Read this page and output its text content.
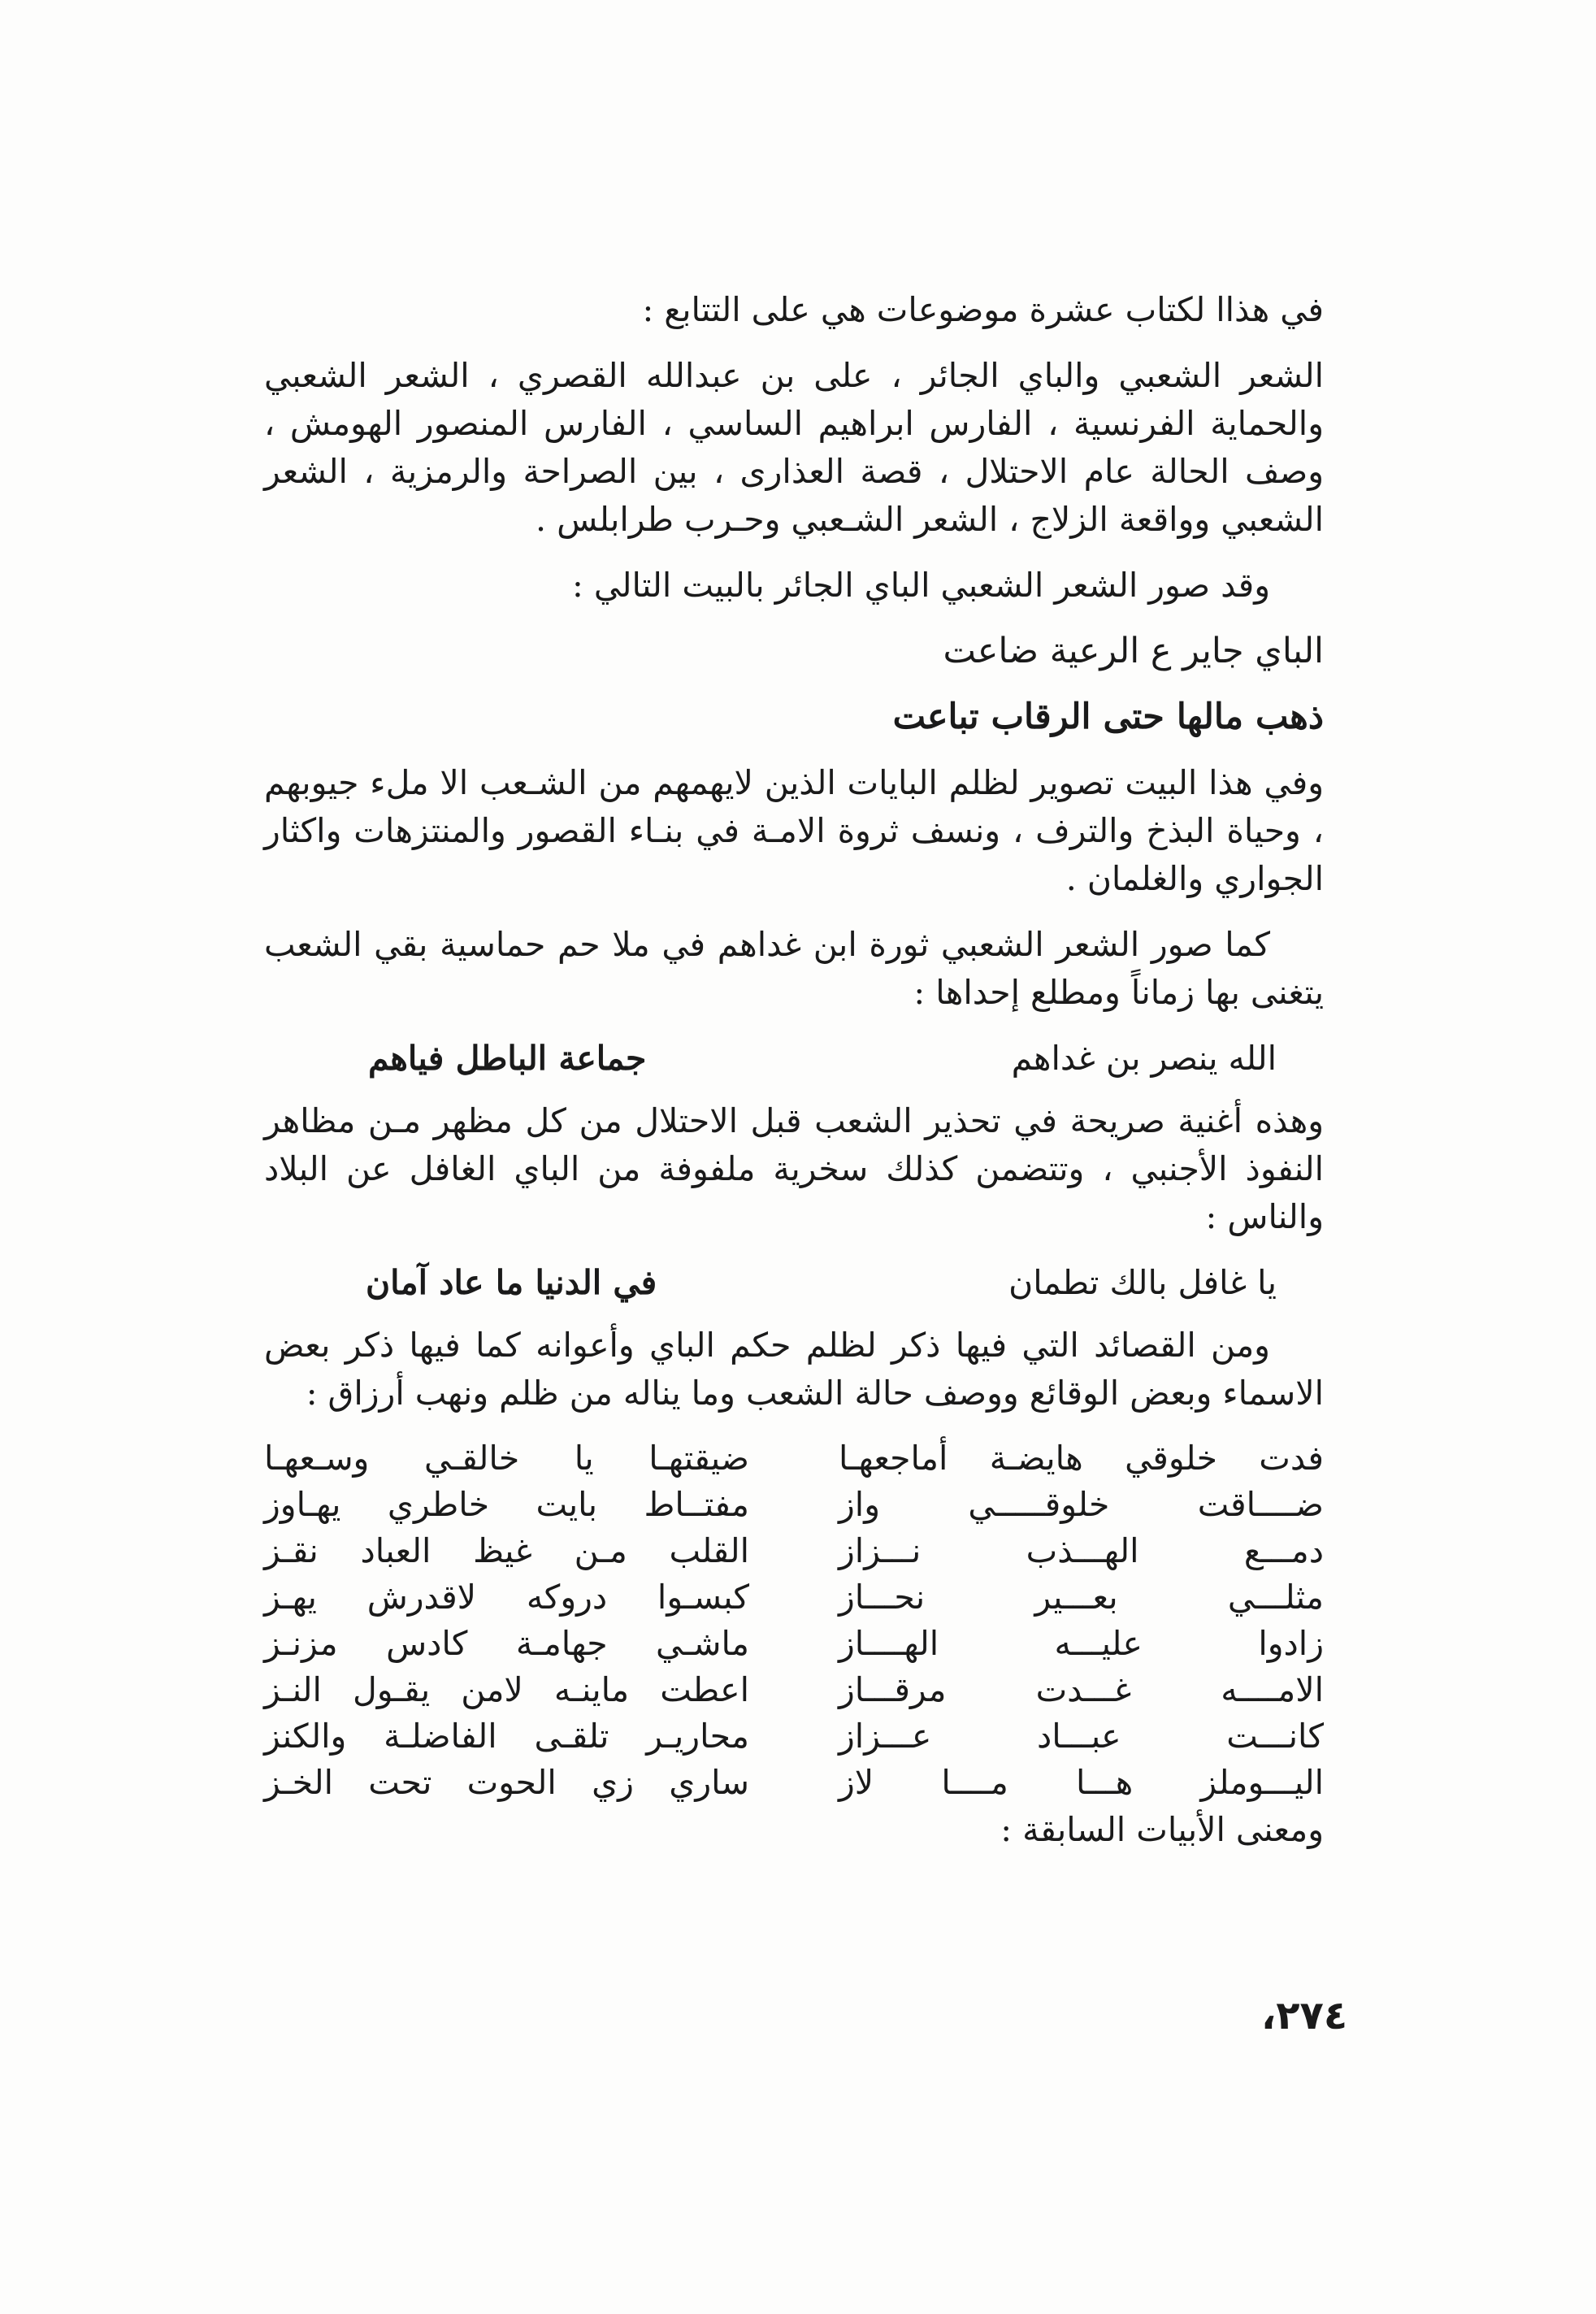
في هذاا لكتاب عشرة موضوعات هي على التتابع :

الشعر الشعبي والباي الجائر ، على بن عبدالله القصري ، الشعر الشعبي والحماية الفرنسية ، الفارس ابراهيم الساسي ، الفارس المنصور الهومش ، وصف الحالة عام الاحتلال ، قصة العذارى ، بين الصراحة والرمزية ، الشعر الشعبي وواقعة الزلاج ، الشعر الشـعبي وحـرب طرابلس .

وقد صور الشعر الشعبي الباي الجائر بالبيت التالي :

الباي جاير ع الرعية ضاعت

ذهب مالها حتى الرقاب تباعت

وفي هذا البيت تصوير لظلم البايات الذين لايهمهم من الشـعب الا ملء جيوبهم ، وحياة البذخ والترف ، ونسف ثروة الامـة في بنـاء القصور والمنتزهات واكثار الجواري والغلمان .

كما صور الشعر الشعبي ثورة ابن غداهم في ملا حم حماسية بقي الشعب يتغنى بها زماناً ومطلع إحداها :

الله ينصر بن غداهم
جماعة الباطل فياهم

وهذه أغنية صريحة في تحذير الشعب قبل الاحتلال من كل مظهر مـن مظاهر النفوذ الأجنبي ، وتتضمن كذلك سخرية ملفوفة من الباي الغافل عن البلاد والناس :

يا غافل بالك تطمان
في الدنيا ما عاد آمان

ومن القصائد التي فيها ذكر لظلم حكم الباي وأعوانه كما فيها ذكر بعض الاسماء وبعض الوقائع ووصف حالة الشعب وما يناله من ظلم ونهب أرزاق :

فدت خلوقي هايضـة أماجعهـا
ضيقتهـا يا خالقـي وسـعهـا
ضــــاقت خلوقـــــي واز
مفتــاط بايت خاطري يهـاوز
دمـــع الهـــذب نـــزاز
القلب مـن غيظ العباد نقـز
مثلـــي بعـــير نحـــاز
كبسـوا دروكه لاقدرش يهـز
زادوا عليـــه الهــــاز
ماشـي جهامـة كادس مزنـز
الامــــه غـــدت مرقـــاز
اعطت ماينـه لامن يقـول النـز
كانـــت عبـــاد عـــزاز
محاريـر تلقـى الفاضلـة والكنز
اليـــوملز هـــا مــــا لاز
ساري زي الحوت تحت الخـز

ومعنى الأبيات السابقة :

،٢٧٤
